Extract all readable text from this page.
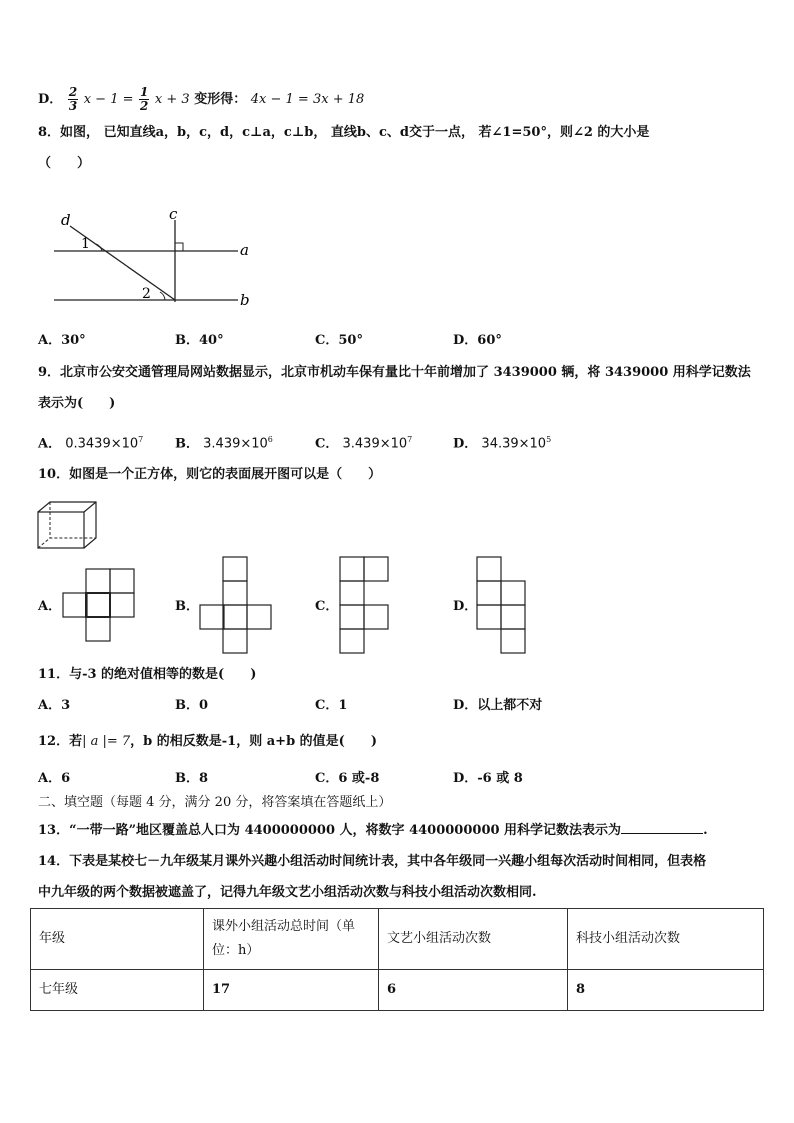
D． $\frac{2}{3}$ $x - 1 = \frac{1}{2}$ x + 3 变形得： 4x − 1 = 3x + 18
8．如图， 已知直线a，b，c，d，c⊥a，c⊥b， 直线b、c、d交于一点， 若∠1=50°，则∠2 的大小是
（　　）
d	c
a
b
1
2
A．30°	B．40°	C．50°	D．60°
9．北京市公安交通管理局网站数据显示，北京市机动车保有量比十年前增加了 3439000 辆，将 3439000 用科学记数法
表示为(　　)
A． $0.3439\times 10^7$ B． $3.439\times 10^6$	C． $3.439\times 10^7$	D． $34.39\times 10^5$
10．如图是一个正方体，则它的表面展开图可以是（　　）
A．	B．	C．	D．
11．与-3 的绝对值相等的数是(　　)
A．3	B．0	C．1	D．以上都不对
12．若| a |= 7，b 的相反数是-1，则 a+b 的值是(　　)
A．6	B．8	C．6 或-8	D．-6 或 8
二、填空题（每题 4 分，满分 20 分，将答案填在答题纸上）
13．“一带一路”地区覆盖总人口为 4400000000 人，将数字 4400000000 用科学记数法表示为	.
14．下表是某校七－九年级某月课外兴趣小组活动时间统计表，其中各年级同一兴趣小组每次活动时间相同，但表格
中九年级的两个数据被遮盖了，记得九年级文艺小组活动次数与科技小组活动次数相同.
年级	课外小组活动总时间（单
位：h）	文艺小组活动次数	科技小组活动次数
七年级	17	6	8
